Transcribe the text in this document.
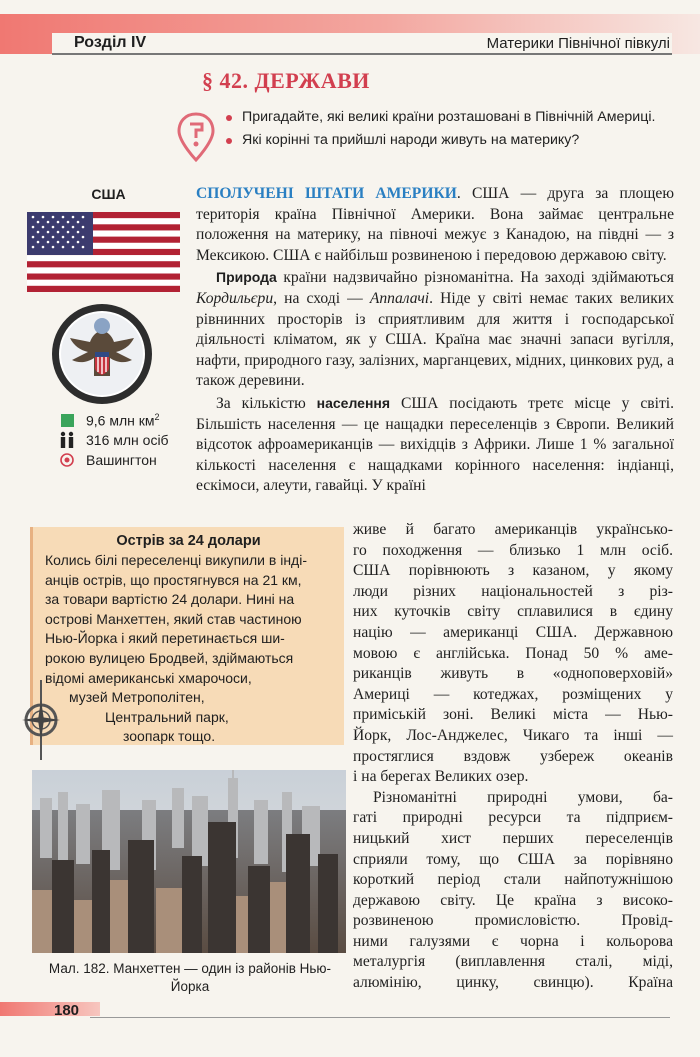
Розділ IV	Материки Північної півкулі
§ 42. ДЕРЖАВИ
Пригадайте, які великі країни розташовані в Північній Америці.
Які корінні та прийшлі народи живуть на материку?
США
9,6 млн $км^2$
316 млн осіб
Вашингтон

СПОЛУЧЕНІ ШТАТИ АМЕРИКИ. США — друга за площею територія країна Північної Америки. Вона займає центральне положення на материку, на півночі межує з Канадою, на півдні — з Мексикою. США є найбільш розвиненою і передовою державою світу.

Природа країни надзвичайно різноманітна. На заході здіймаються Кордильєри, на сході — Аппалачі. Ніде у світі немає таких великих рівнинних просторів із сприятливим для життя і господарської діяльності кліматом, як у США. Країна має значні запаси вугілля, нафти, природного газу, залізних, марганцевих, мідних, цинкових руд, а також деревини.

За кількістю населення США посідають третє місце у світі. Більшість населення — це нащадки переселенців з Європи. Великий відсоток афроамериканців — вихідців з Африки. Лише 1 % загальної кількості населення є нащадками корінного населення: індіанці, ескімоси, алеути, гавайці. У країні

Острів за 24 долари
Колись білі переселенці викупили в інді-
анців острів, що простягнувся на 21 км,
за товари вартістю 24 долари. Нині на
острові Манхеттен, який став частиною
Нью-Йорка і який перетинається ши-
рокою вулицею Бродвей, здіймаються
відомі американські хмарочоси,
музей Метрополітен,
Центральний парк,
зоопарк тощо.
живе й багато американців українсько-
го походження — близько 1 млн осіб.
США порівнюють з казаном, у якому
люди різних національностей з різ-
них куточків світу сплавилися в єдину
націю — американці США. Державною
мовою є англійська. Понад 50 % аме-
риканців живуть в «одноповерховій»
Америці — котеджах, розміщених у
приміській зоні. Великі міста — Нью-
Йорк, Лос-Анджелес, Чикаго та інші —
простяглися вздовж узбереж океанів
і на берегах Великих озер.
Різноманітні природні умови, ба-
гаті природні ресурси та підприєм-
ницький хист перших переселенців
сприяли тому, що США за порівняно
короткий період стали найпотужнішою
державою світу. Це країна з високо-
розвиненою промисловістю. Провід-
ними галузями є чорна і кольорова
металургія (виплавлення сталі, міді,
алюмінію, цинку, свинцю). Країна
Мал. 182. Манхеттен — один із районів Нью-Йорка
180
